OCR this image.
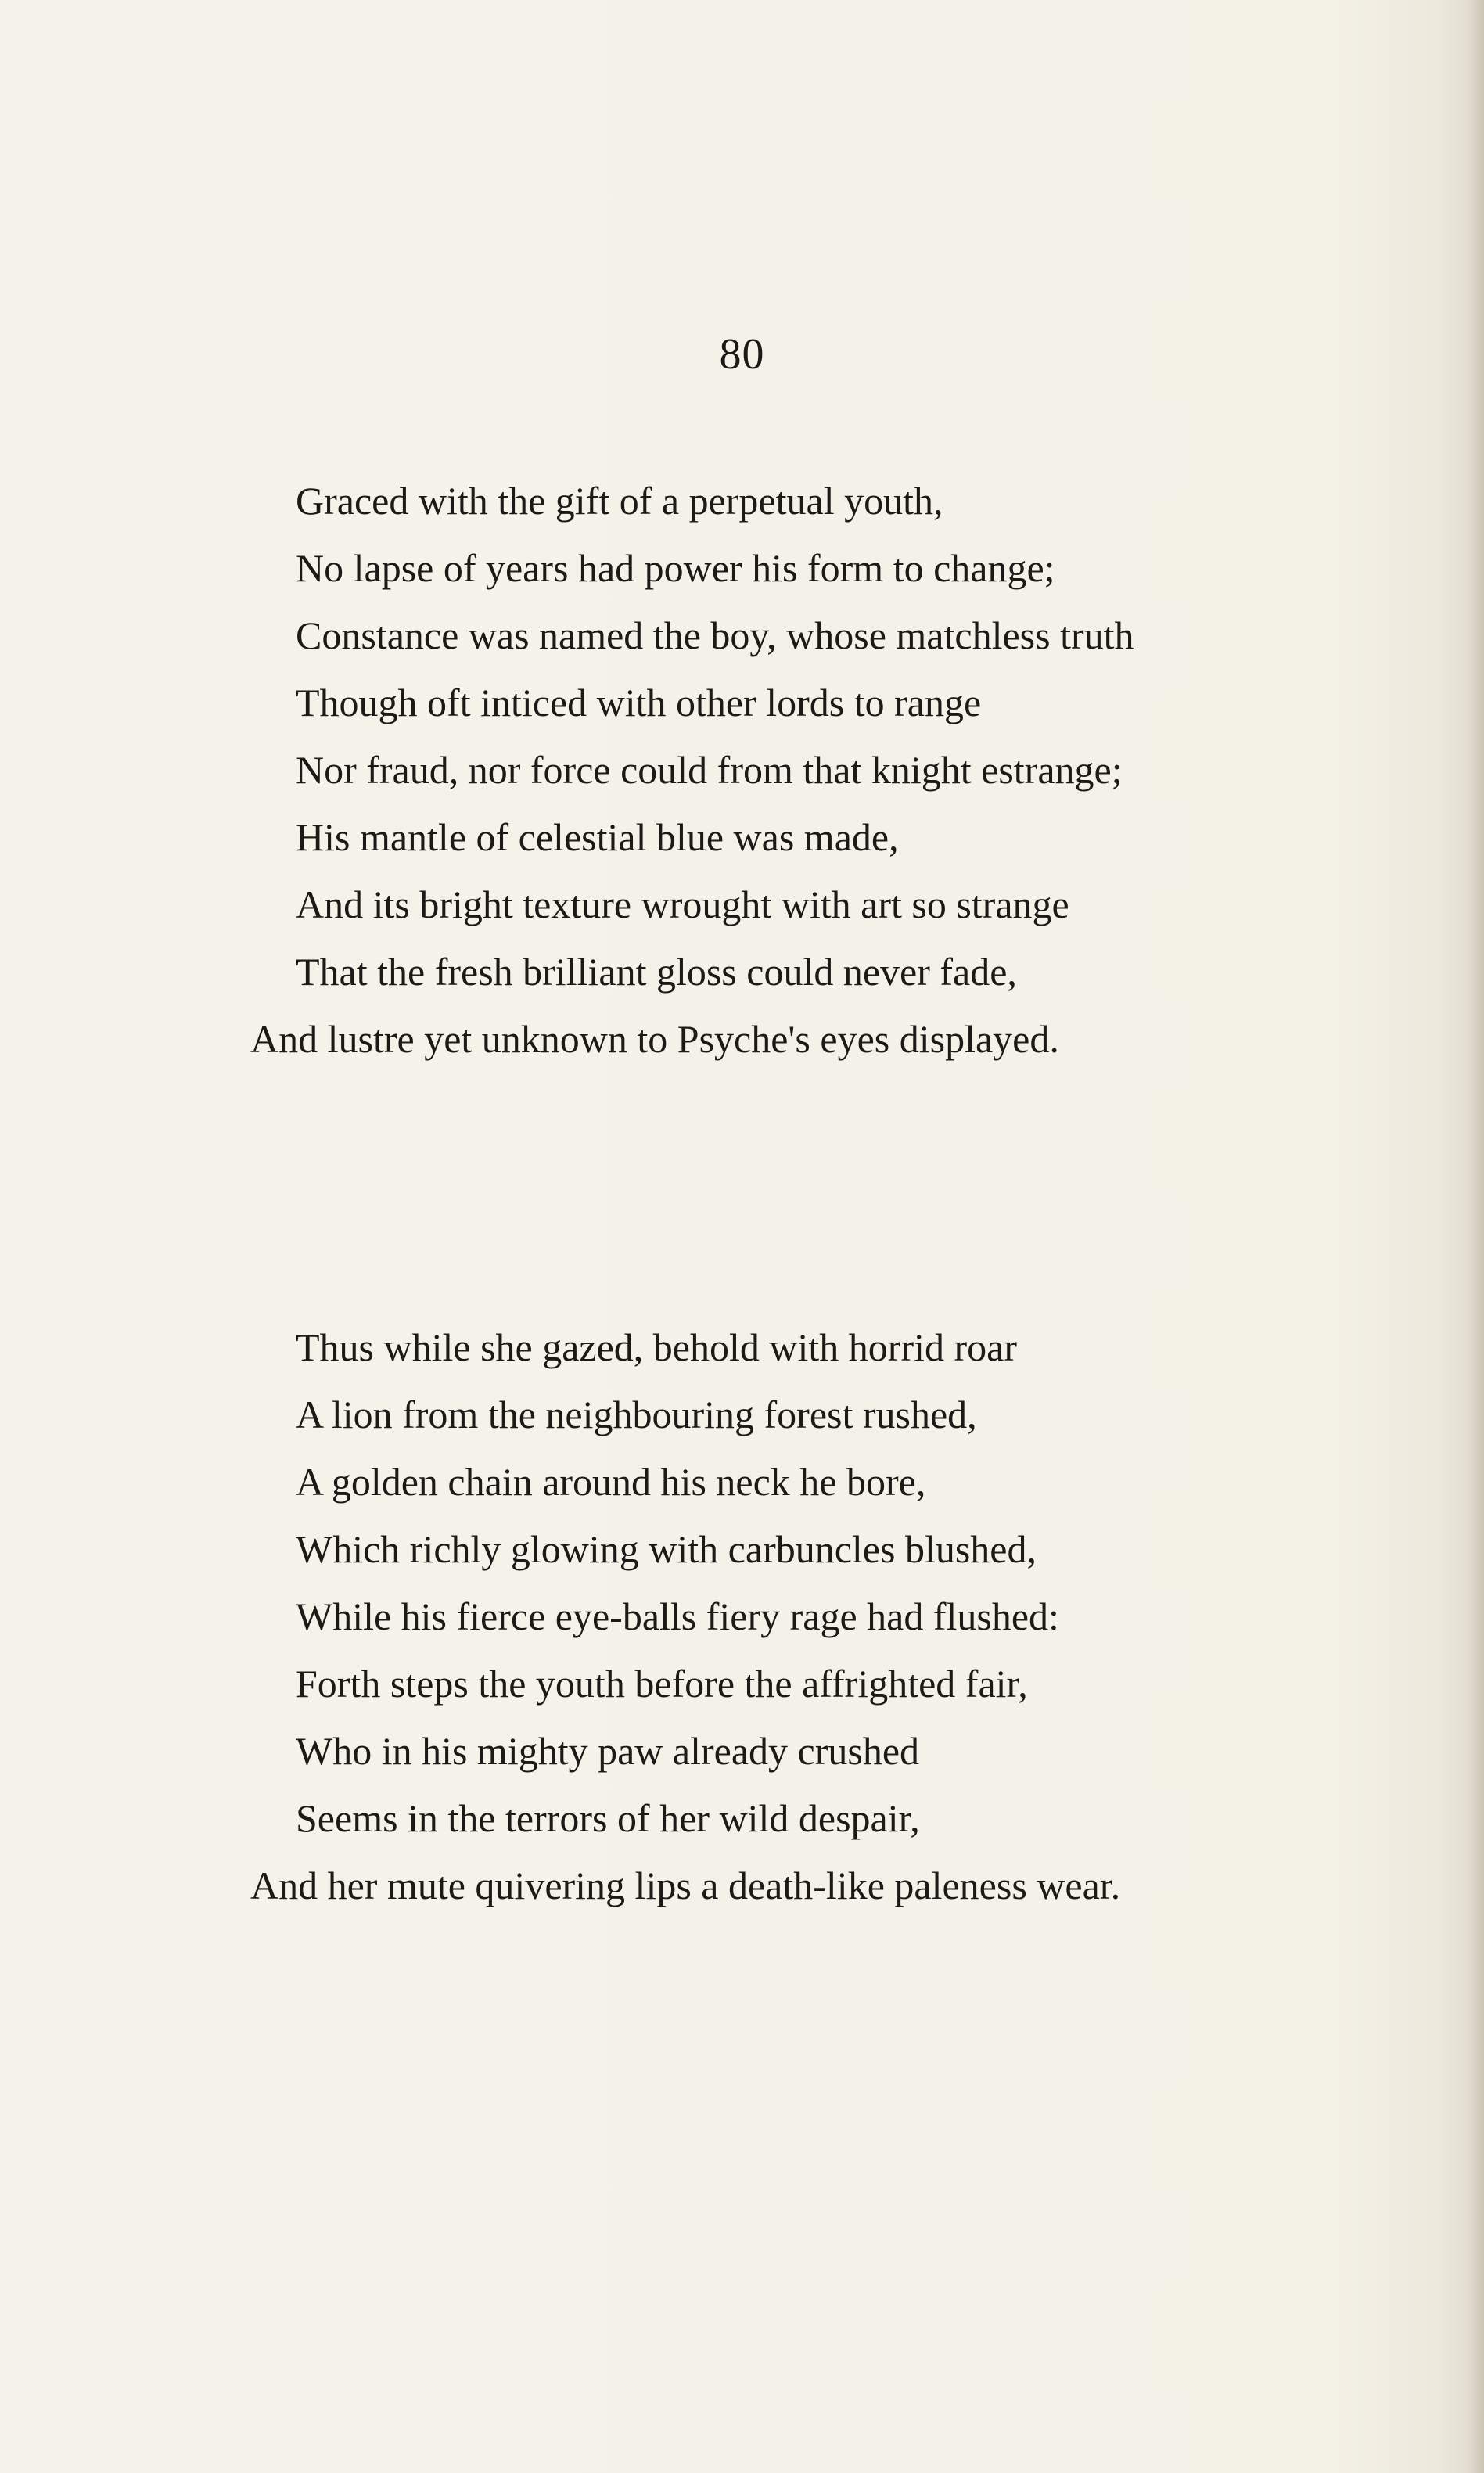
80
Graced with the gift of a perpetual youth,
No lapse of years had power his form to change;
Constance was named the boy, whose matchless truth
Though oft inticed with other lords to range
Nor fraud, nor force could from that knight estrange;
His mantle of celestial blue was made,
And its bright texture wrought with art so strange
That the fresh brilliant gloss could never fade,
And lustre yet unknown to Psyche's eyes displayed.
Thus while she gazed, behold with horrid roar
A lion from the neighbouring forest rushed,
A golden chain around his neck he bore,
Which richly glowing with carbuncles blushed,
While his fierce eye-balls fiery rage had flushed:
Forth steps the youth before the affrighted fair,
Who in his mighty paw already crushed
Seems in the terrors of her wild despair,
And her mute quivering lips a death-like paleness wear.
